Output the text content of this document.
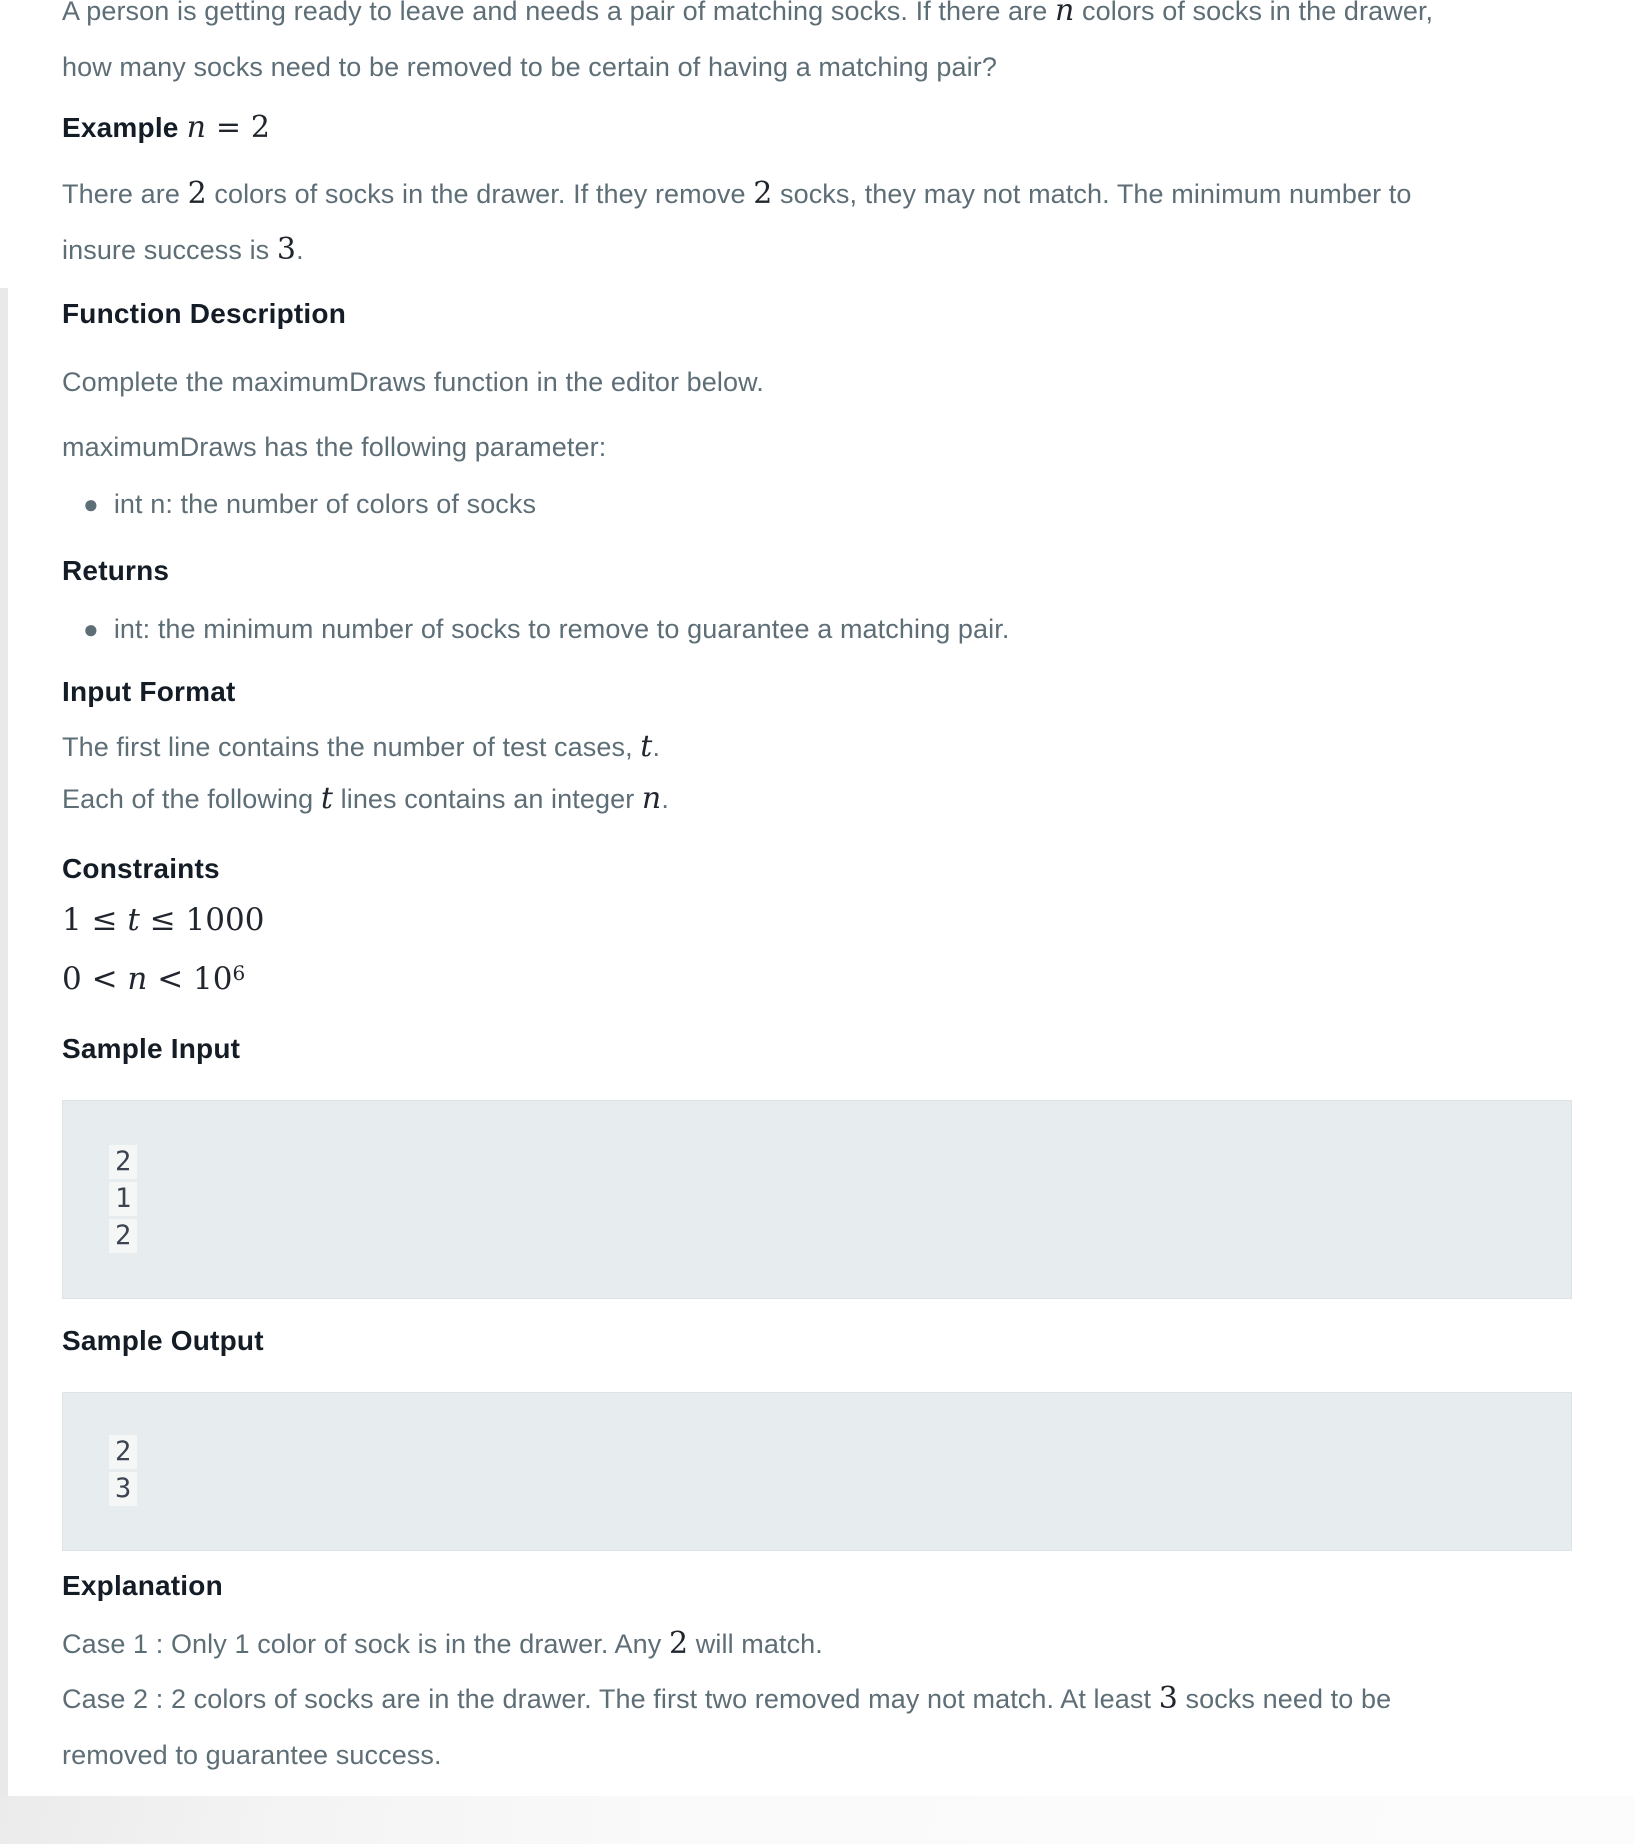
A person is getting ready to leave and needs a pair of matching socks. If there are n colors of socks in the drawer,
how many socks need to be removed to be certain of having a matching pair?
Example n = 2
There are 2 colors of socks in the drawer. If they remove 2 socks, they may not match. The minimum number to
insure success is 3.
Function Description
Complete the maximumDraws function in the editor below.
maximumDraws has the following parameter:
● int n: the number of colors of socks
Returns
● int: the minimum number of socks to remove to guarantee a matching pair.
Input Format
The first line contains the number of test cases, t.
Each of the following t lines contains an integer n.
Constraints
1 ≤ t ≤ 1000
$0 < n < 10^6$
Sample Input
2
1
2
Sample Output
2
3
Explanation
Case 1 : Only 1 color of sock is in the drawer. Any 2 will match.
Case 2 : 2 colors of socks are in the drawer. The first two removed may not match. At least 3 socks need to be
removed to guarantee success.
